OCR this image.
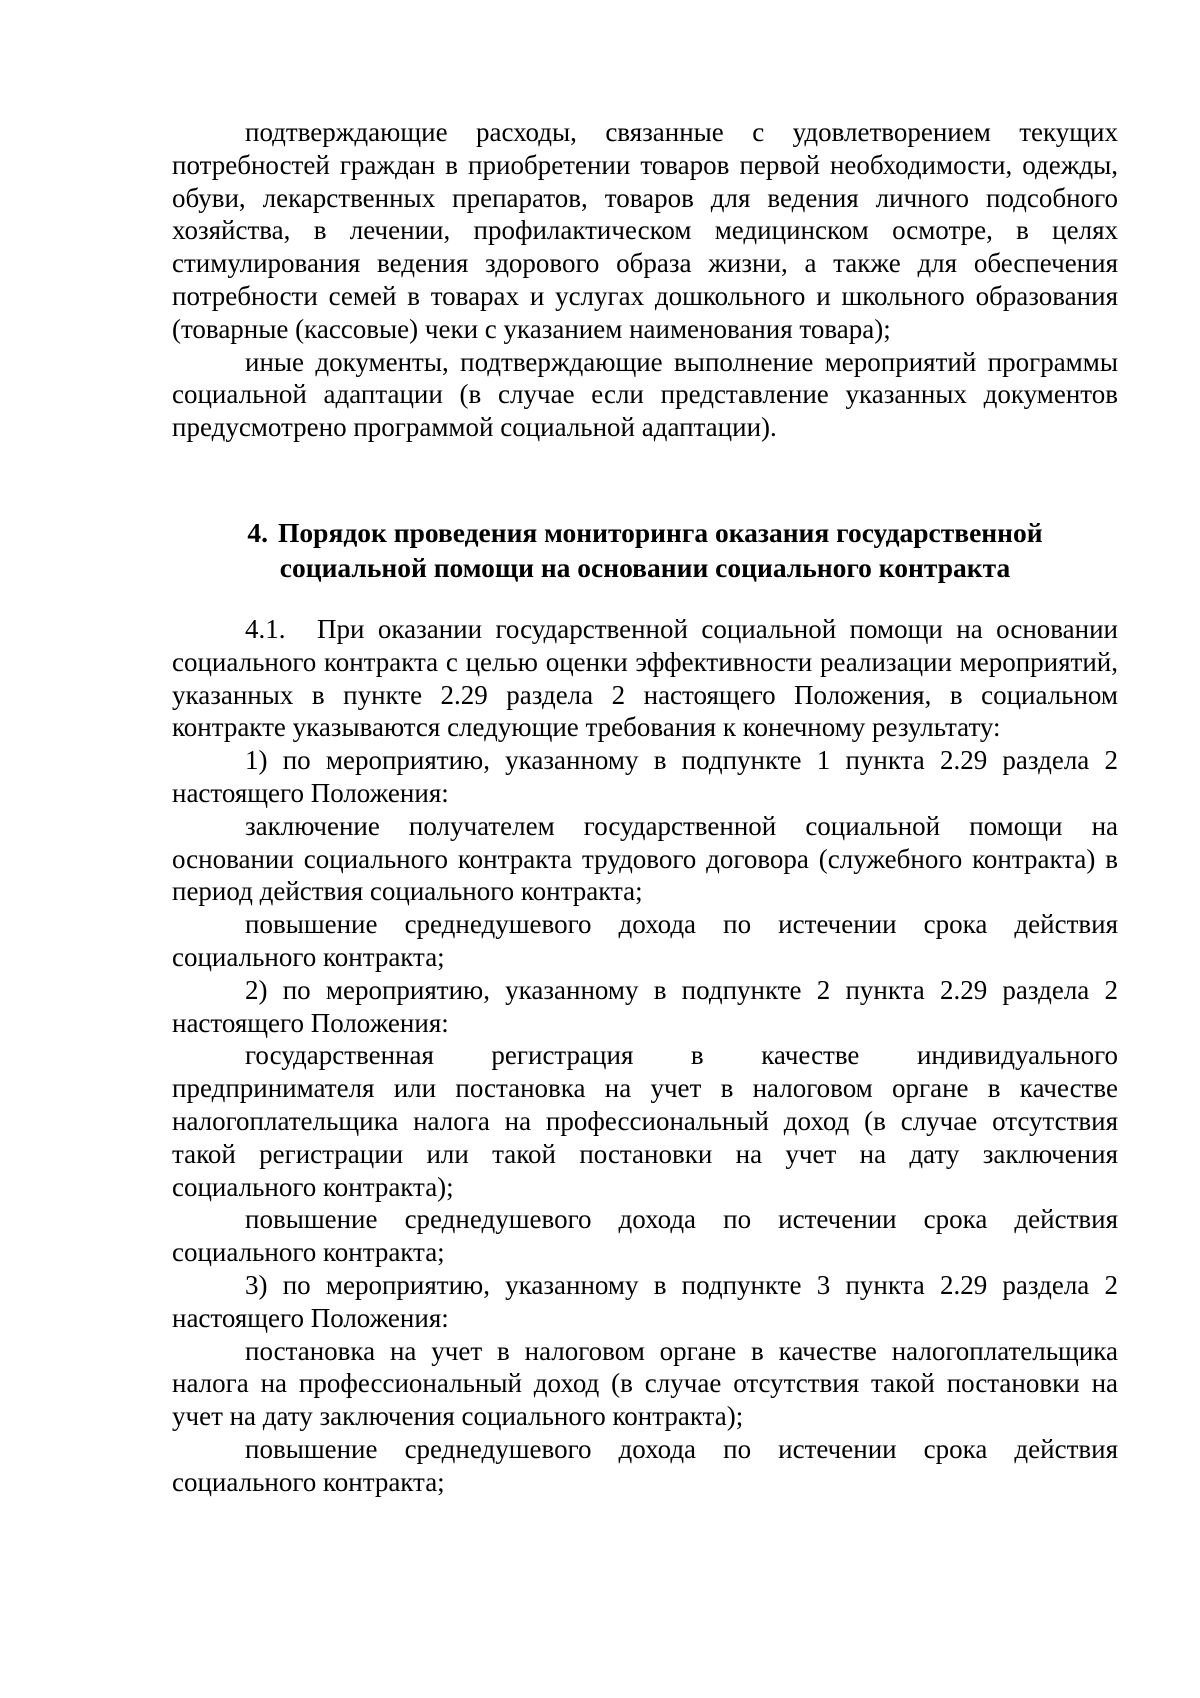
подтверждающие расходы, связанные с удовлетворением текущих потребностей граждан в приобретении товаров первой необходимости, одежды, обуви, лекарственных препаратов, товаров для ведения личного подсобного хозяйства, в лечении, профилактическом медицинском осмотре, в целях стимулирования ведения здорового образа жизни, а также для обеспечения потребности семей в товарах и услугах дошкольного и школьного образования (товарные (кассовые) чеки с указанием наименования товара);

иные документы, подтверждающие выполнение мероприятий программы социальной адаптации (в случае если представление указанных документов предусмотрено программой социальной адаптации).

4. Порядок проведения мониторинга оказания государственной
социальной помощи на основании социального контракта

4.1. При оказании государственной социальной помощи на основании социального контракта с целью оценки эффективности реализации мероприятий, указанных в пункте 2.29 раздела 2 настоящего Положения, в социальном контракте указываются следующие требования к конечному результату:

1) по мероприятию, указанному в подпункте 1 пункта 2.29 раздела 2 настоящего Положения:

заключение получателем государственной социальной помощи на основании социального контракта трудового договора (служебного контракта) в период действия социального контракта;

повышение среднедушевого дохода по истечении срока действия социального контракта;

2) по мероприятию, указанному в подпункте 2 пункта 2.29 раздела 2 настоящего Положения:

государственная регистрация в качестве индивидуального предпринимателя или постановка на учет в налоговом органе в качестве налогоплательщика налога на профессиональный доход (в случае отсутствия такой регистрации или такой постановки на учет на дату заключения социального контракта);

повышение среднедушевого дохода по истечении срока действия социального контракта;

3) по мероприятию, указанному в подпункте 3 пункта 2.29 раздела 2 настоящего Положения:

постановка на учет в налоговом органе в качестве налогоплательщика налога на профессиональный доход (в случае отсутствия такой постановки на учет на дату заключения социального контракта);

повышение среднедушевого дохода по истечении срока действия социального контракта;
